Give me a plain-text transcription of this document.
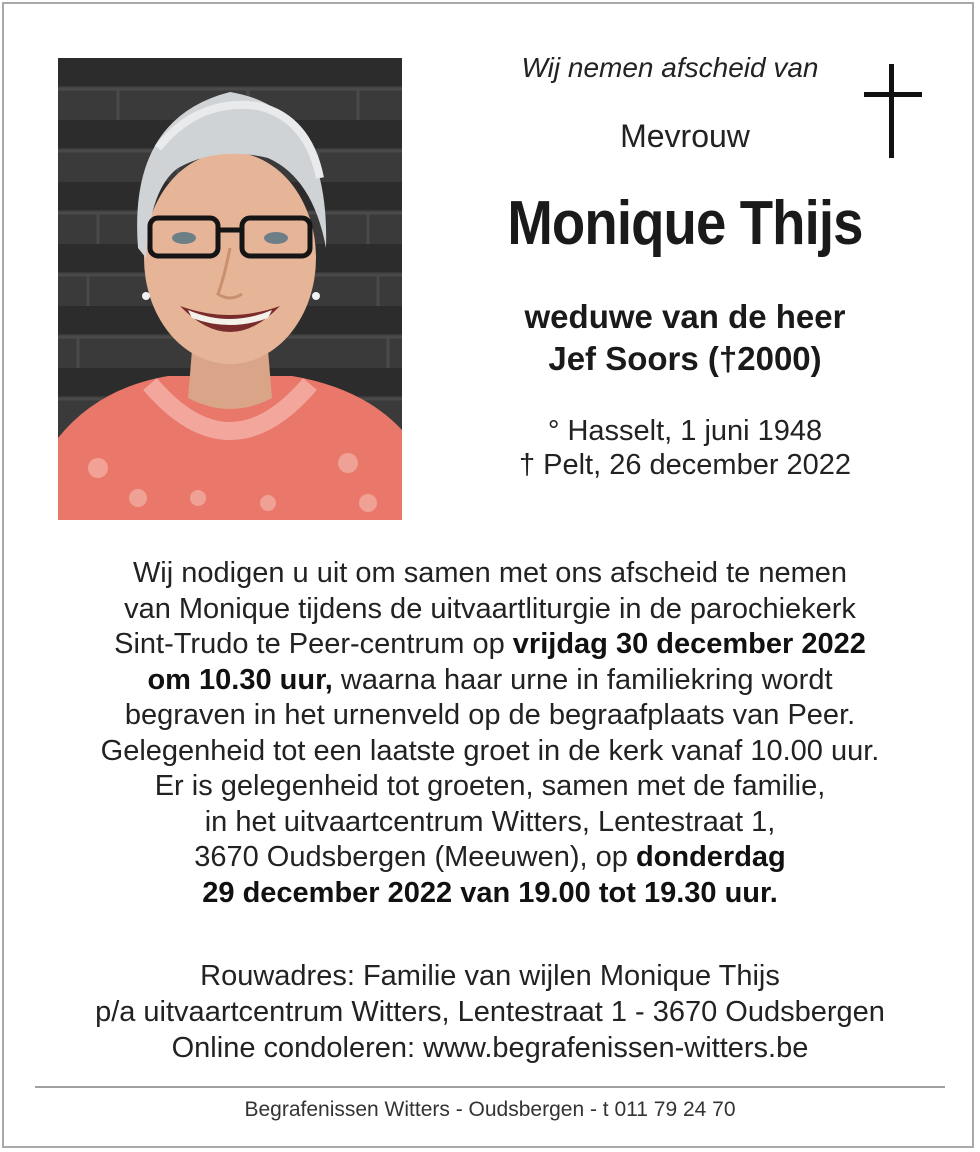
Wij nemen afscheid van
Mevrouw
Monique Thijs
weduwe van de heer
Jef Soors (†2000)
° Hasselt, 1 juni 1948
† Pelt, 26 december 2022
Wij nodigen u uit om samen met ons afscheid te nemen
van Monique tijdens de uitvaartliturgie in de parochiekerk
Sint-Trudo te Peer-centrum op vrijdag 30 december 2022
om 10.30 uur, waarna haar urne in familiekring wordt
begraven in het urnenveld op de begraafplaats van Peer.
Gelegenheid tot een laatste groet in de kerk vanaf 10.00 uur.
Er is gelegenheid tot groeten, samen met de familie,
in het uitvaartcentrum Witters, Lentestraat 1,
3670 Oudsbergen (Meeuwen), op donderdag
29 december 2022 van 19.00 tot 19.30 uur.
Rouwadres: Familie van wijlen Monique Thijs
p/a uitvaartcentrum Witters, Lentestraat 1 - 3670 Oudsbergen
Online condoleren: www.begrafenissen-witters.be
Begrafenissen Witters - Oudsbergen - t 011 79 24 70
